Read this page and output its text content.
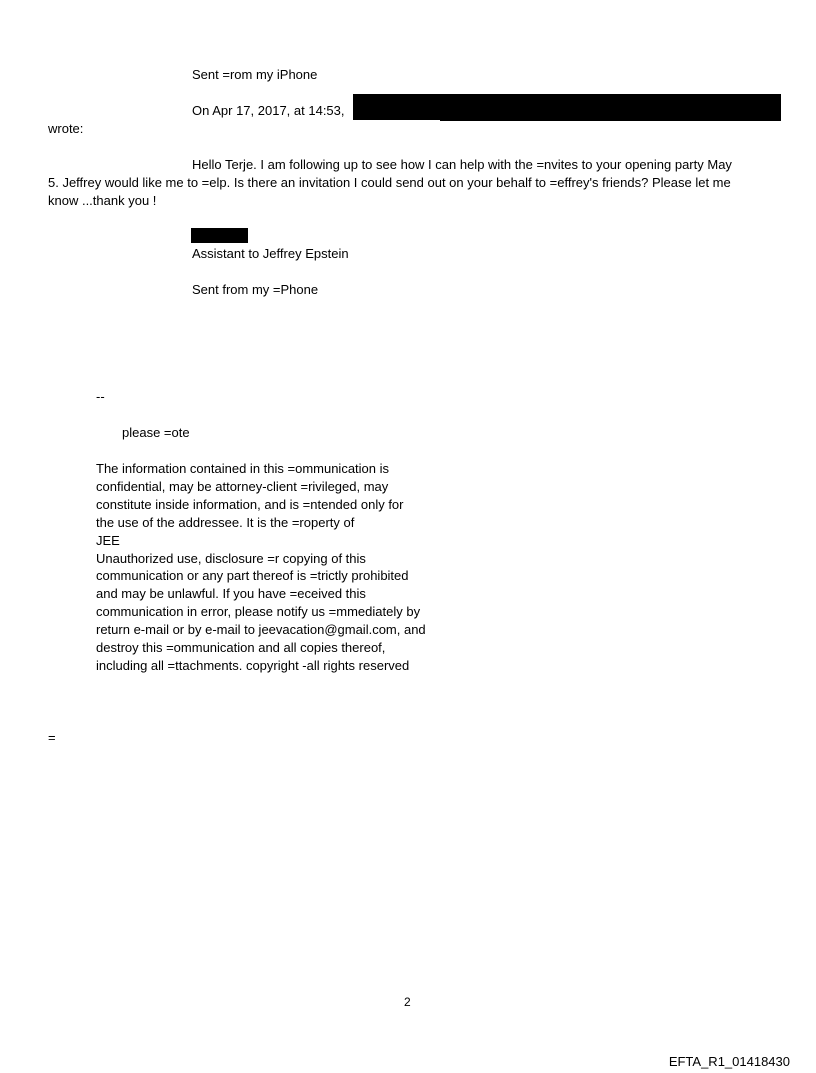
Sent =rom my iPhone
On Apr 17, 2017, at 14:53,
wrote:
Hello Terje. I am following up to see how I can help with the =nvites to your opening party May
5. Jeffrey would like me to =elp. Is there an invitation I could send out on your behalf to =effrey's friends? Please let me
know ...thank you !
Assistant to Jeffrey Epstein
Sent from my =Phone
--
please =ote
The information contained in this =ommunication is
confidential, may be attorney-client =rivileged, may
constitute inside information, and is =ntended only for
the use of the addressee. It is the =roperty of
JEE
Unauthorized use, disclosure =r copying of this
communication or any part thereof is =trictly prohibited
and may be unlawful. If you have =eceived this
communication in error, please notify us =mmediately by
return e-mail or by e-mail to jeevacation@gmail.com, and
destroy this =ommunication and all copies thereof,
including all =ttachments. copyright -all rights reserved
=
2
EFTA_R1_01418430
